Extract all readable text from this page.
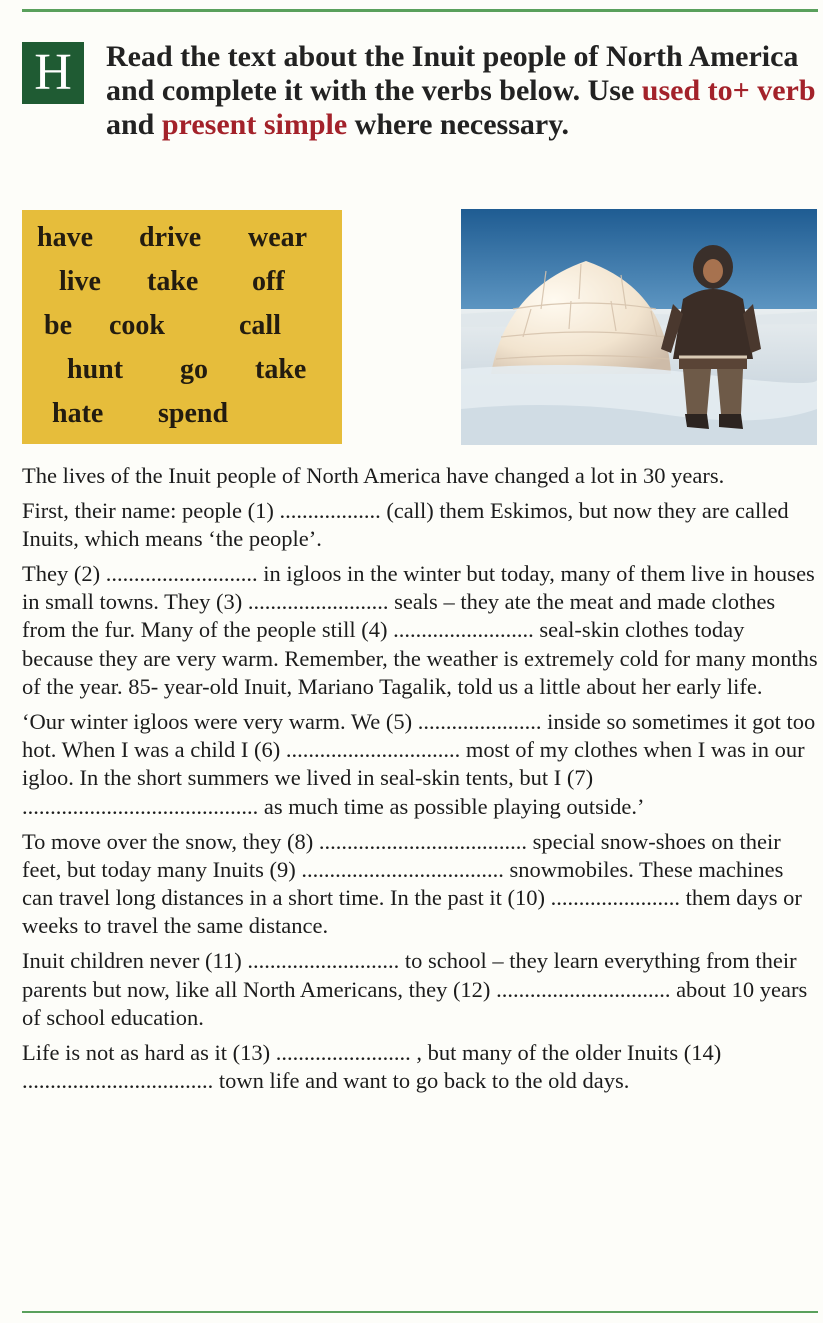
H	Read the text about the Inuit people of North America and complete it with the verbs below. Use used to+ verb and present simple where necessary.

have drive wear
live take off
be cook	call
hunt go take
hate spend

The lives of the Inuit people of North America have changed a lot in 30 years.

First, their name: people (1) .................. (call) them Eskimos, but now they are called Inuits, which means ‘the people’.

They (2) ........................... in igloos in the winter but today, many of them live in houses in small towns. They (3) ......................... seals – they ate the meat and made clothes from the fur. Many of the people still (4) ......................... seal-skin clothes today because they are very warm. Remember, the weather is extremely cold for many months of the year. 85- year-old Inuit, Mariano Tagalik, told us a little about her early life.

‘Our winter igloos were very warm. We (5) ...................... inside so sometimes it got too hot. When I was a child I (6) ............................... most of my clothes when I was in our igloo. In the short summers we lived in seal-skin tents, but I (7) .......................................... as much time as possible playing outside.’

To move over the snow, they (8) ..................................... special snow-shoes on their feet, but today many Inuits (9) .................................... snowmobiles. These machines can travel long distances in a short time. In the past it (10) ....................... them days or weeks to travel the same distance.

Inuit children never (11) ........................... to school – they learn everything from their parents but now, like all North Americans, they (12) ............................... about 10 years of school education.

Life is not as hard as it (13) ........................ , but many of the older Inuits (14) .................................. town life and want to go back to the old days.
